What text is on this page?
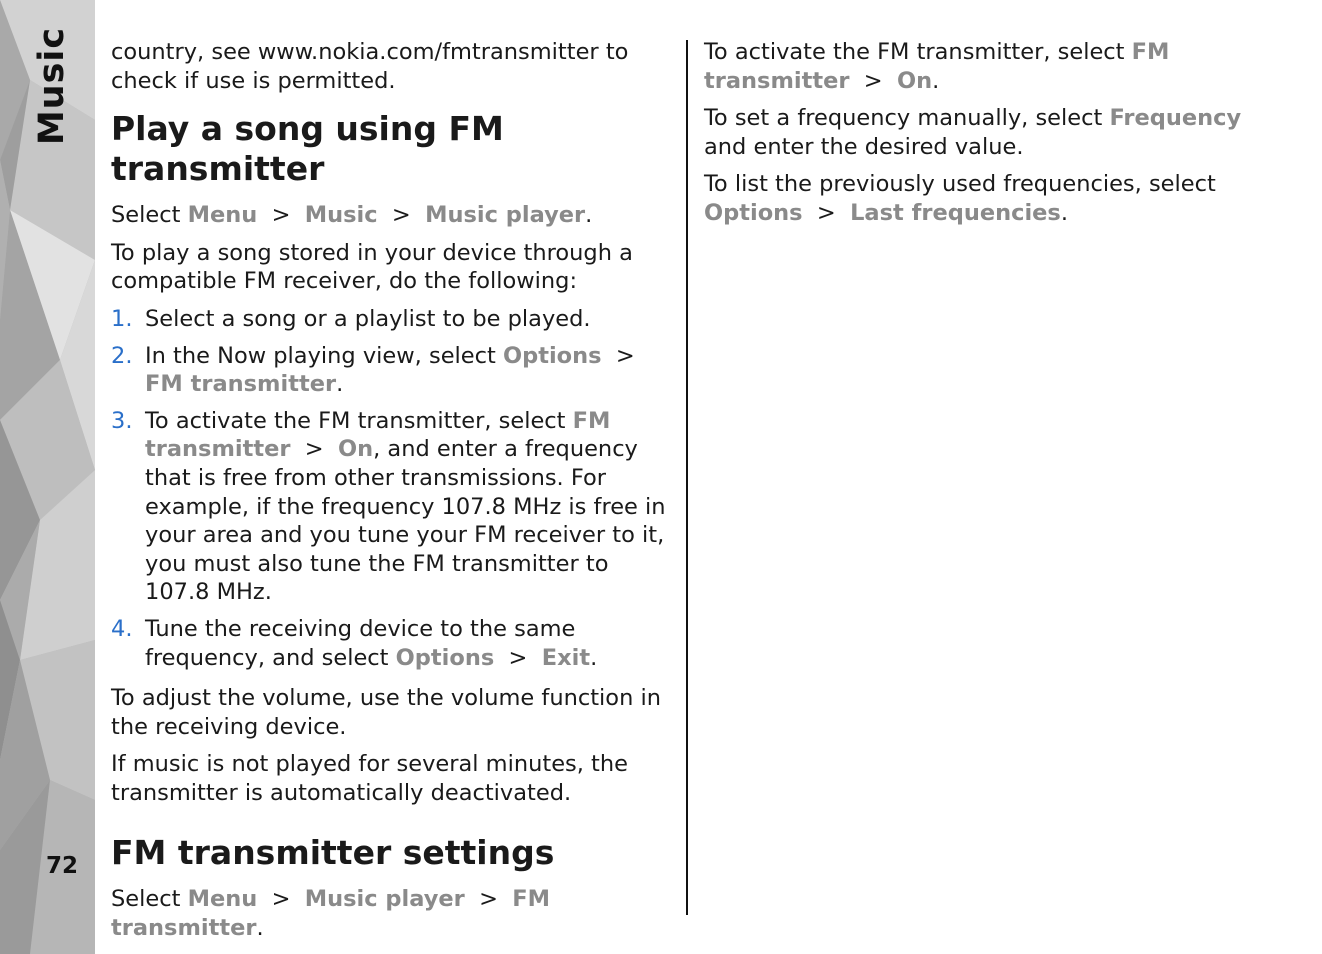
Music
72

country, see www.nokia.com/fmtransmitter to check if use is permitted.

Play a song using FM transmitter

Select Menu > Music > Music player.

To play a song stored in your device through a compatible FM receiver, do the following:

1. Select a song or a playlist to be played.
2. In the Now playing view, select Options >  FM transmitter.
3. To activate the FM transmitter, select FM transmitter > On, and enter a frequency that is free from other transmissions. For example, if the frequency 107.8 MHz is free in your area and you tune your FM receiver to it, you must also tune the FM transmitter to 107.8 MHz.
4. Tune the receiving device to the same frequency, and select Options > Exit.

To adjust the volume, use the volume function in the receiving device.

If music is not played for several minutes, the transmitter is automatically deactivated.

FM transmitter settings

Select Menu > Music player > FM transmitter.

To activate the FM transmitter, select FM transmitter > On.

To set a frequency manually, select Frequency and enter the desired value.

To list the previously used frequencies, select Options > Last frequencies.
